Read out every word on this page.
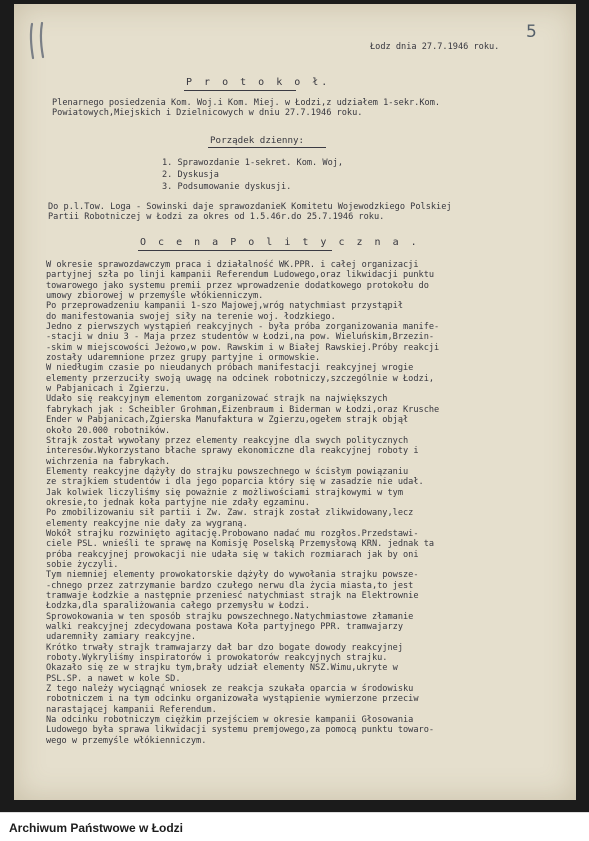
5
Łodz dnia 27.7.1946 roku.
P r o t o k o ł.
Plenarnego posiedzenia Kom. Woj.i Kom. Miej. w Łodzi,z udziałem 1-sekr.Kom.
Powiatowych,Miejskich i Dzielnicowych w dniu 27.7.1946 roku.
Porządek dzienny:
1. Sprawozdanie 1-sekret. Kom. Woj,
2. Dyskusja
3. Podsumowanie dyskusji.
Do p.l.Tow. Loga - Sowinski daje sprawozdanieK Komitetu Wojewodzkiego Polskiej
Partii Robotniczej w Łodzi za okres od 1.5.46r.do 25.7.1946 roku.
O c e n a P o l i t y c z n a .
W okresie sprawozdawczym praca i działalność WK.PPR. i całej organizacji
partyjnej szła po linji kampanii Referendum Ludowego,oraz likwidacji punktu
towarowego jako systemu premii przez wprowadzenie dodatkowego protokołu do
umowy zbiorowej w przemyśle włókienniczym.
Po przeprowadzeniu kampanii 1-szo Majowej,wróg natychmiast przystąpił
do manifestowania swojej siły na terenie woj. łodzkiego.
Jedno z pierwszych wystąpień reakcyjnych - była próba zorganizowania manife-
-stacji w dniu 3 - Maja przez studentów w Łodzi,na pow. Wieluńskim,Brzezin-
-skim w miejscowości Jeżowo,w pow. Rawskim i w Białej Rawskiej.Próby reakcji
zostały udaremnione przez grupy partyjne i ormowskie.
W niedługim czasie po nieudanych próbach manifestacji reakcyjnej wrogie
elementy przerzuciły swoją uwagę na odcinek robotniczy,szczególnie w Łodzi,
w Pabjanicach i Zgierzu.
Udało się reakcyjnym elementom zorganizować strajk na największych
fabrykach jak : Scheibler Grohman,Eizenbraum i Biderman w Łodzi,oraz Krusche
Ender w Pabjanicach,Zgierska Manufaktura w Zgierzu,ogełem strajk objął
około 20.000 robotników.
Strajk został wywołany przez elementy reakcyjne dla swych politycznych
interesów.Wykorzystano błache sprawy ekonomiczne dla reakcyjnej roboty i
wichrzenia na fabrykach.
Elementy reakcyjne dążyły do strajku powszechnego w ścisłym powiązaniu
ze strajkiem studentów i dla jego poparcia który się w zasadzie nie udał.
Jak kolwiek liczyliśmy się poważnie z możliwościami strajkowymi w tym
okresie,to jednak koła partyjne nie zdały egzaminu.
Po zmobilizowaniu sił partii i Zw. Zaw. strajk został zlikwidowany,lecz
elementy reakcyjne nie dały za wygraną.
Wokół strajku rozwinięto agitację.Probowano nadać mu rozgłos.Przedstawi-
ciele PSL. wnieśli te sprawę na Komisję Poselską Przemysłową KRN. jednak ta
próba reakcyjnej prowokacji nie udała się w takich rozmiarach jak by oni
sobie życzyli.
Tym niemniej elementy prowokatorskie dążyły do wywołania strajku powsze-
-chnego przez zatrzymanie bardzo czułego nerwu dla życia miasta,to jest
tramwaje Łodzkie a następnie przeniesć natychmiast strajk na Elektrownie
Łodzka,dla sparaliżowania całego przemysłu w Łodzi.
Sprowokowania w ten sposób strajku powszechnego.Natychmiastowe złamanie
walki reakcyjnej zdecydowana postawa Koła partyjnego PPR. tramwajarzy
udaremniły zamiary reakcyjne.
Krótko trwały strajk tramwajarzy dał bar dzo bogate dowody reakcyjnej
roboty.Wykryliśmy inspiratorów i prowokatorów reakcyjnych strajku.
Okazało się ze w strajku tym,brały udział elementy NSZ.Wimu,ukryte w
PSL.SP. a nawet w kole SD.
Z tego należy wyciągnąć wniosek ze reakcja szukała oparcia w środowisku
robotniczem i na tym odcinku organizowała wystąpienie wymierzone przeciw
narastającej kampanii Referendum.
Na odcinku robotniczym ciężkim przejściem w okresie kampanii Głosowania
Ludowego była sprawa likwidacji systemu premjowego,za pomocą punktu towaro-
wego w przemyśle włókienniczym.
Archiwum Państwowe w Łodzi
